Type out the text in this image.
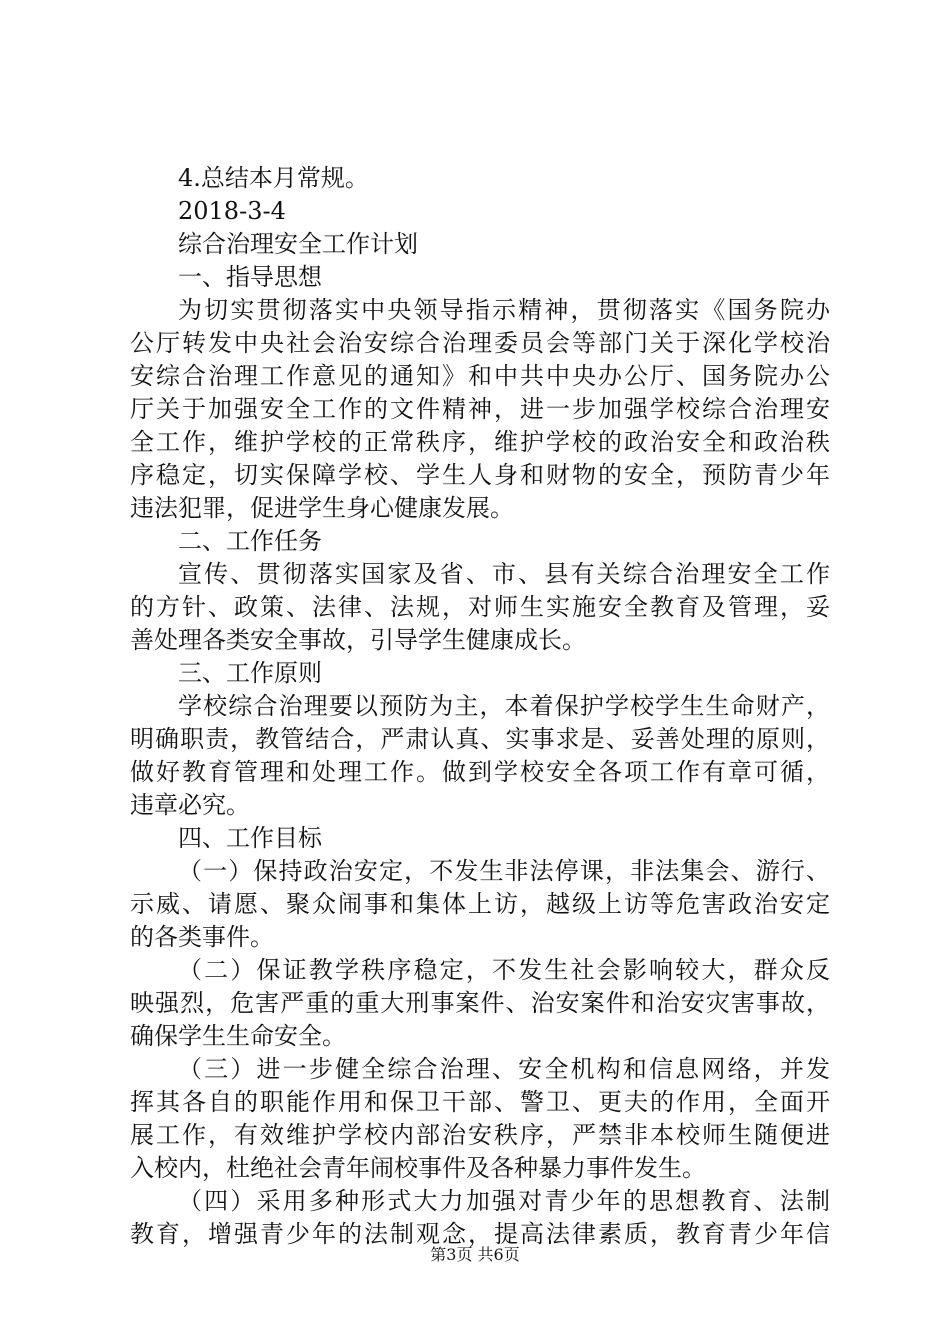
4.总结本月常规。
2018-3-4
综合治理安全工作计划
一、指导思想
为切实贯彻落实中央领导指示精神，贯彻落实《国务院办
公厅转发中央社会治安综合治理委员会等部门关于深化学校治
安综合治理工作意见的通知》和中共中央办公厅、国务院办公
厅关于加强安全工作的文件精神，进一步加强学校综合治理安
全工作，维护学校的正常秩序，维护学校的政治安全和政治秩
序稳定，切实保障学校、学生人身和财物的安全，预防青少年
违法犯罪，促进学生身心健康发展。
二、工作任务
宣传、贯彻落实国家及省、市、县有关综合治理安全工作
的方针、政策、法律、法规，对师生实施安全教育及管理，妥
善处理各类安全事故，引导学生健康成长。
三、工作原则
学校综合治理要以预防为主，本着保护学校学生生命财产，
明确职责，教管结合，严肃认真、实事求是、妥善处理的原则，
做好教育管理和处理工作。做到学校安全各项工作有章可循，
违章必究。
四、工作目标
（一）保持政治安定，不发生非法停课，非法集会、游行、
示威、请愿、聚众闹事和集体上访，越级上访等危害政治安定
的各类事件。
（二）保证教学秩序稳定，不发生社会影响较大，群众反
映强烈，危害严重的重大刑事案件、治安案件和治安灾害事故，
确保学生生命安全。
（三）进一步健全综合治理、安全机构和信息网络，并发
挥其各自的职能作用和保卫干部、警卫、更夫的作用，全面开
展工作，有效维护学校内部治安秩序，严禁非本校师生随便进
入校内，杜绝社会青年闹校事件及各种暴力事件发生。
（四）采用多种形式大力加强对青少年的思想教育、法制
教育，增强青少年的法制观念，提高法律素质，教育青少年信
第3页 共6页
